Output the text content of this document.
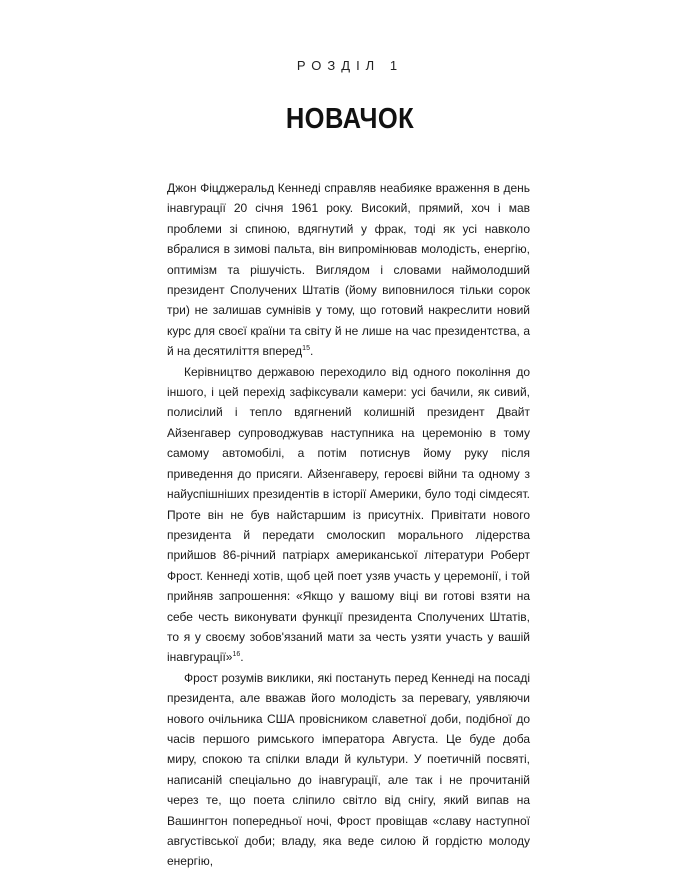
РОЗДІЛ 1
НОВАЧОК

Джон Фіцджеральд Кеннеді справляв неабияке враження в день інавгурації 20 січня 1961 року. Високий, прямий, хоч і мав проблеми зі спиною, вдягнутий у фрак, тоді як усі навколо вбралися в зимові пальта, він випромінював молодість, енергію, оптимізм та рішучість. Виглядом і словами наймолодший президент Сполучених Штатів (йому виповнилося тільки сорок три) не залишав сумнівів у тому, що готовий накреслити новий курс для своєї країни та світу й не лише на час президентства, а й на десятиліття вперед$^{15}$.

Керівництво державою переходило від одного покоління до іншого, і цей перехід зафіксували камери: усі бачили, як сивий, полисілий і тепло вдягнений колишній президент Двайт Айзенгавер супроводжував наступника на церемонію в тому самому автомобілі, а потім потиснув йому руку після приведення до присяги. Айзенгаверу, героєві війни та одному з найуспішніших президентів в історії Америки, було тоді сімдесят. Проте він не був найстаршим із присутніх. Привітати нового президента й передати смолоскип морального лідерства прийшов 86-річний патріарх американської літератури Роберт Фрост. Кеннеді хотів, щоб цей поет узяв участь у церемонії, і той прийняв запрошення: «Якщо у вашому віці ви готові взяти на себе честь виконувати функції президента Сполучених Штатів, то я у своєму зобов'язаний мати за честь узяти участь у вашій інавгурації»$^{16}$.

Фрост розумів виклики, які постануть перед Кеннеді на посаді президента, але вважав його молодість за перевагу, уявляючи нового очільника США провісником славетної доби, подібної до часів першого римського імператора Августа. Це буде доба миру, спокою та спілки влади й культури. У поетичній посвяті, написаній спеціально до інавгурації, але так і не прочитаній через те, що поета сліпило світло від снігу, який випав на Вашингтон попередньої ночі, Фрост провіщав «славу наступної августівської доби; владу, яка веде силою й гордістю молоду енергію,
